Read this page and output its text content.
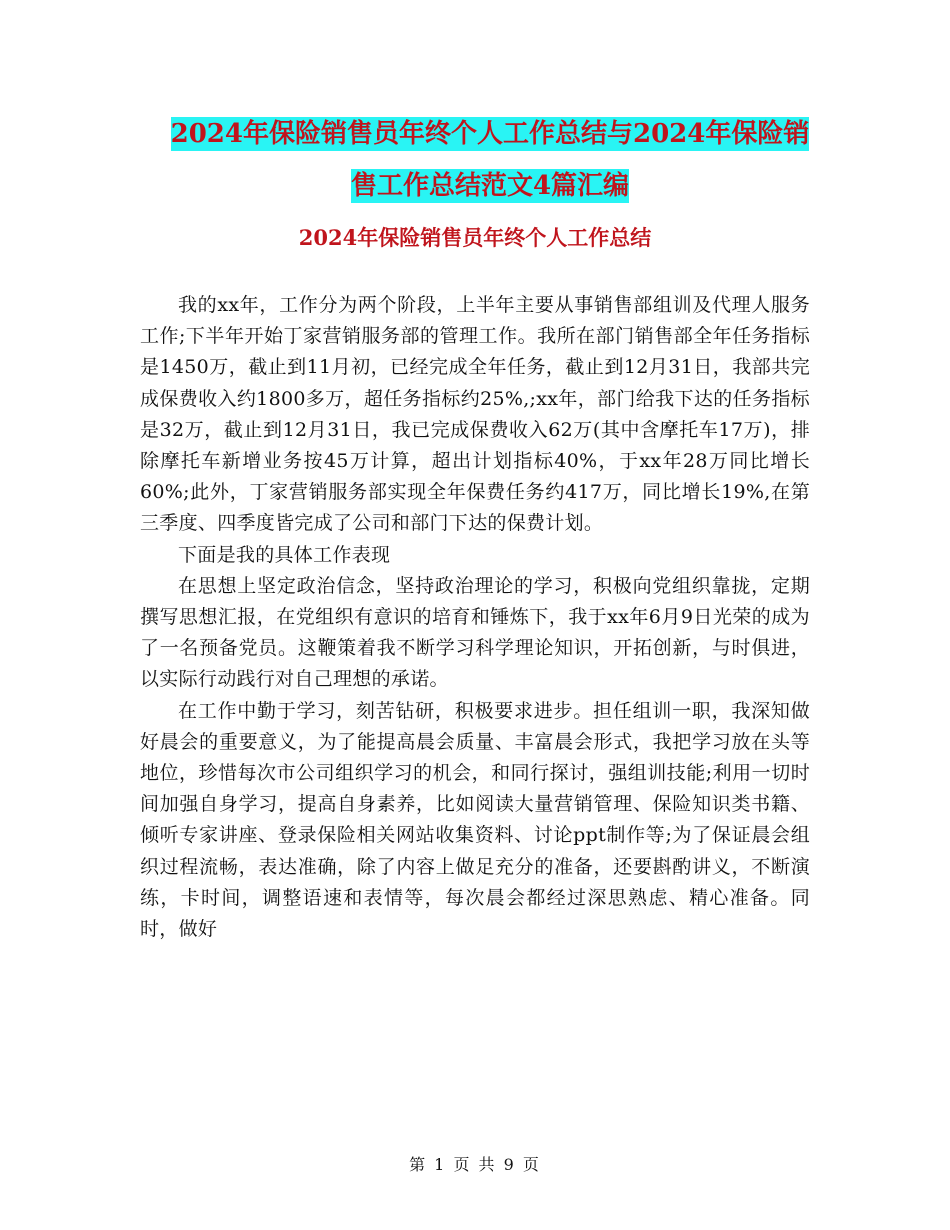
2024年保险销售员年终个人工作总结与2024年保险销
售工作总结范文4篇汇编
2024年保险销售员年终个人工作总结

我的xx年，工作分为两个阶段，上半年主要从事销售部组训及代理人服务工作;下半年开始丁家营销服务部的管理工作。我所在部门销售部全年任务指标是1450万，截止到11月初，已经完成全年任务，截止到12月31日，我部共完成保费收入约1800多万，超任务指标约25%,;xx年，部门给我下达的任务指标是32万，截止到12月31日，我已完成保费收入62万(其中含摩托车17万)，排除摩托车新增业务按45万计算，超出计划指标40%，于xx年28万同比增长60%;此外，丁家营销服务部实现全年保费任务约417万，同比增长19%,在第三季度、四季度皆完成了公司和部门下达的保费计划。

下面是我的具体工作表现

在思想上坚定政治信念，坚持政治理论的学习，积极向党组织靠拢，定期撰写思想汇报，在党组织有意识的培育和锤炼下，我于xx年6月9日光荣的成为了一名预备党员。这鞭策着我不断学习科学理论知识，开拓创新，与时俱进，以实际行动践行对自己理想的承诺。

在工作中勤于学习，刻苦钻研，积极要求进步。担任组训一职，我深知做好晨会的重要意义，为了能提高晨会质量、丰富晨会形式，我把学习放在头等地位，珍惜每次市公司组织学习的机会，和同行探讨，强组训技能;利用一切时间加强自身学习，提高自身素养，比如阅读大量营销管理、保险知识类书籍、倾听专家讲座、登录保险相关网站收集资料、讨论ppt制作等;为了保证晨会组织过程流畅，表达准确，除了内容上做足充分的准备，还要斟酌讲义，不断演练，卡时间，调整语速和表情等，每次晨会都经过深思熟虑、精心准备。同时，做好

第 1 页 共 9 页
